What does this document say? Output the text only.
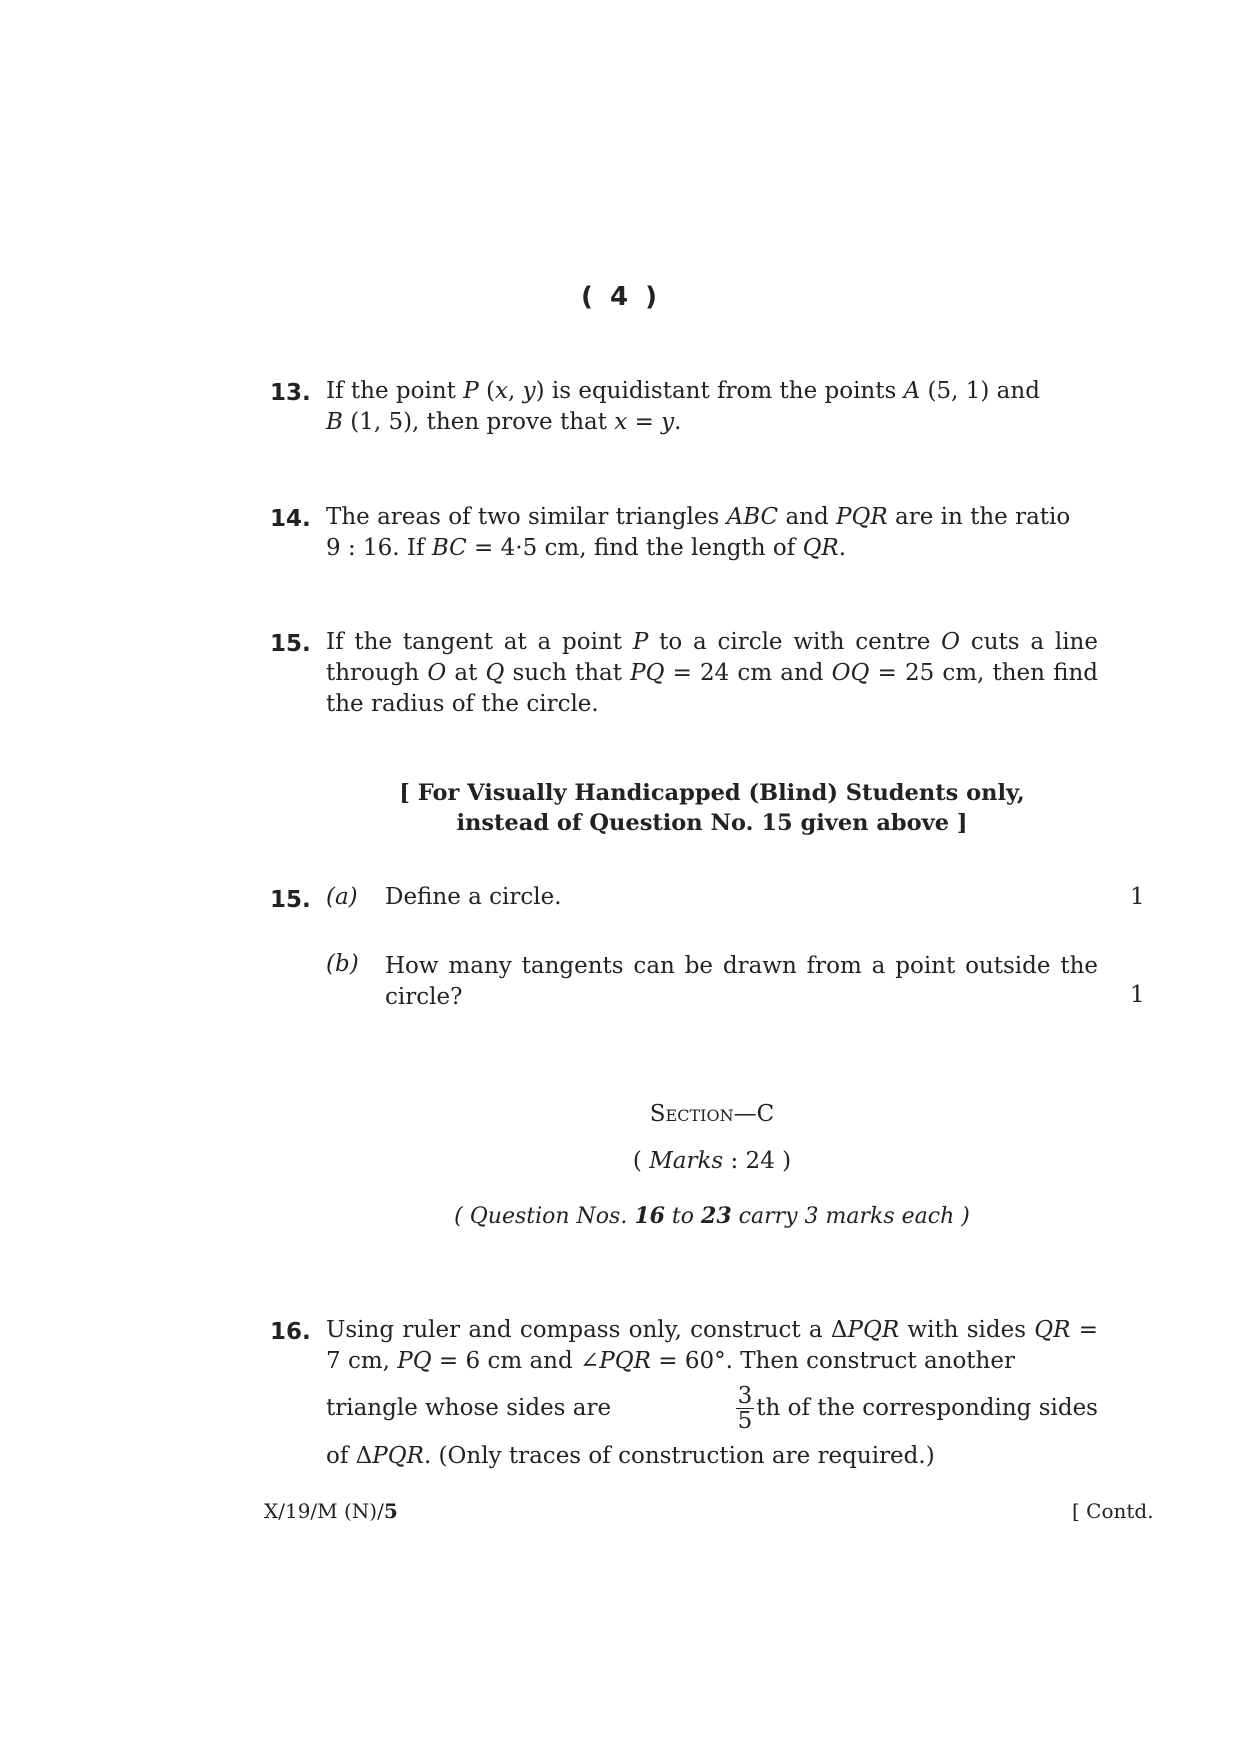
( 4 )
13. If the point P (x, y) is equidistant from the points A (5, 1) and
B (1, 5), then prove that x = y.
14. The areas of two similar triangles ABC and PQR are in the ratio
9 : 16. If BC = 4·5 cm, find the length of QR.
15. If the tangent at a point P to a circle with centre O cuts a line through O at Q such that PQ = 24 cm and OQ = 25 cm, then find the radius of the circle.
[ For Visually Handicapped (Blind) Students only,
instead of Question No. 15 given above ]
15. (a) Define a circle.	1
(b) How many tangents can be drawn from a point outside the circle?	1
Section—C
( Marks : 24 )
( Question Nos. 16 to 23 carry 3 marks each )
16. Using ruler and compass only, construct a ΔPQR with sides QR = 7 cm, PQ = 6 cm and ∠PQR = 60°. Then construct another
triangle whose sides are	$\frac{3}{5}$ th of the corresponding sides
of ΔPQR. (Only traces of construction are required.)
X/19/M (N)/5	[ Contd.
